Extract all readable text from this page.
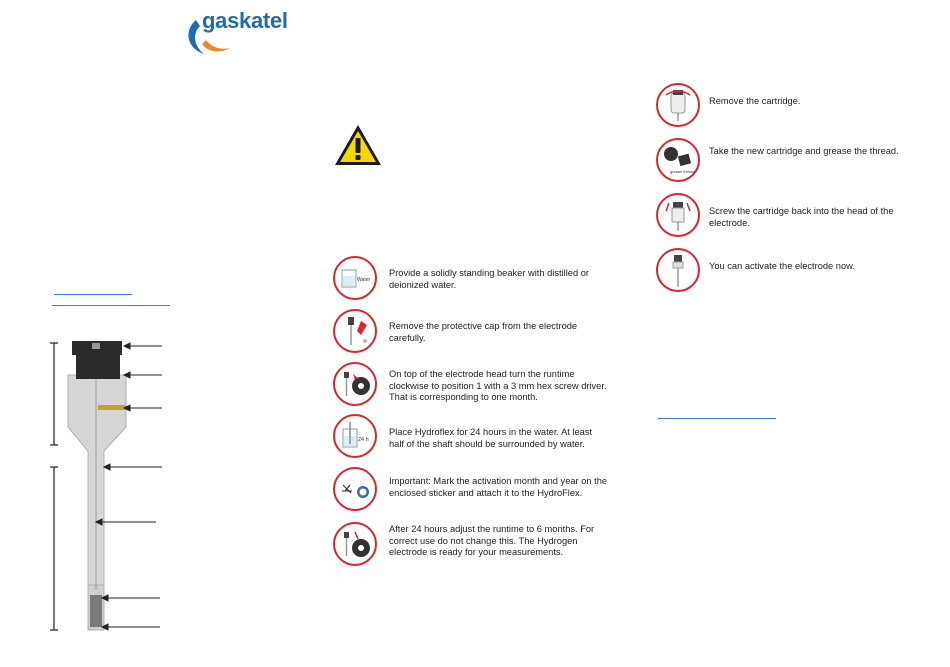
gaskatel
Water
Provide a solidly standing beaker with distilled or deionized water.
Remove the protective cap from the electrode carefully.
On top of the electrode head turn the runtime clockwise to position 1 with a 3 mm hex screw driver. That is corresponding to one month.
24 h
Place Hydroflex for 24 hours in the water. At least half of the shaft should be surrounded by water.
Important: Mark the activation month and year on the enclosed sticker and attach it to the HydroFlex.
After 24 hours adjust the runtime to 6 months. For correct use do not change this. The Hydrogen electrode is ready for your measurements.
Remove the cartridge.
grease thread
Take the new cartridge and grease the thread.
Screw the cartridge back into the head of the electrode.
You can activate the electrode now.
